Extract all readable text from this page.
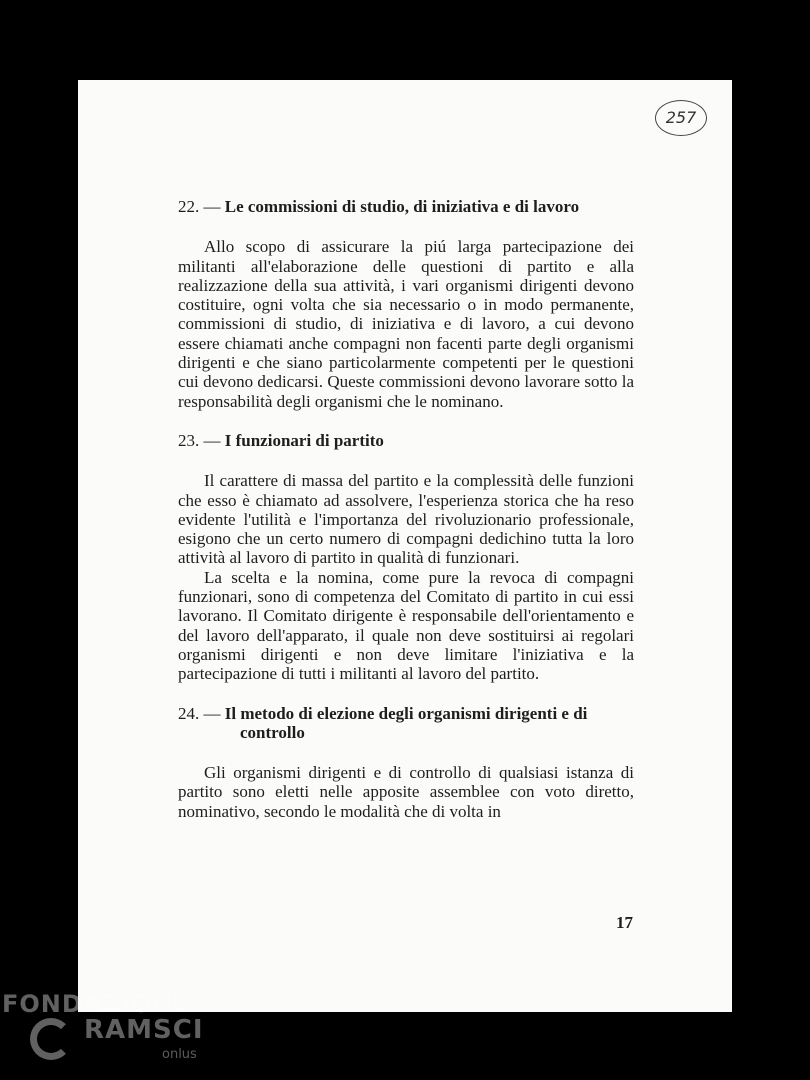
257
22. — Le commissioni di studio, di iniziativa e di lavoro

Allo scopo di assicurare la piú larga partecipazione dei militanti all'elaborazione delle questioni di partito e alla realizzazione della sua attività, i vari organismi dirigenti devono costituire, ogni volta che sia necessario o in modo permanente, commissioni di studio, di iniziativa e di lavoro, a cui devono essere chiamati anche compagni non facenti parte degli organismi dirigenti e che siano particolarmente competenti per le questioni cui devono dedicarsi. Queste commissioni devono lavorare sotto la responsabilità degli organismi che le nominano.

23. — I funzionari di partito

Il carattere di massa del partito e la complessità delle funzioni che esso è chiamato ad assolvere, l'esperienza storica che ha reso evidente l'utilità e l'importanza del rivoluzionario professionale, esigono che un certo numero di compagni dedichino tutta la loro attività al lavoro di partito in qualità di funzionari.

La scelta e la nomina, come pure la revoca di compagni funzionari, sono di competenza del Comitato di partito in cui essi lavorano. Il Comitato dirigente è responsabile dell'orientamento e del lavoro dell'apparato, il quale non deve sostituirsi ai regolari organismi dirigenti e non deve limitare l'iniziativa e la partecipazione di tutti i militanti al lavoro del partito.

24. — Il metodo di elezione degli organismi dirigenti e di controllo

Gli organismi dirigenti e di controllo di qualsiasi istanza di partito sono eletti nelle apposite assemblee con voto diretto, nominativo, secondo le modalità che di volta in

17
FONDAZIONE
RAMSCI
onlus
